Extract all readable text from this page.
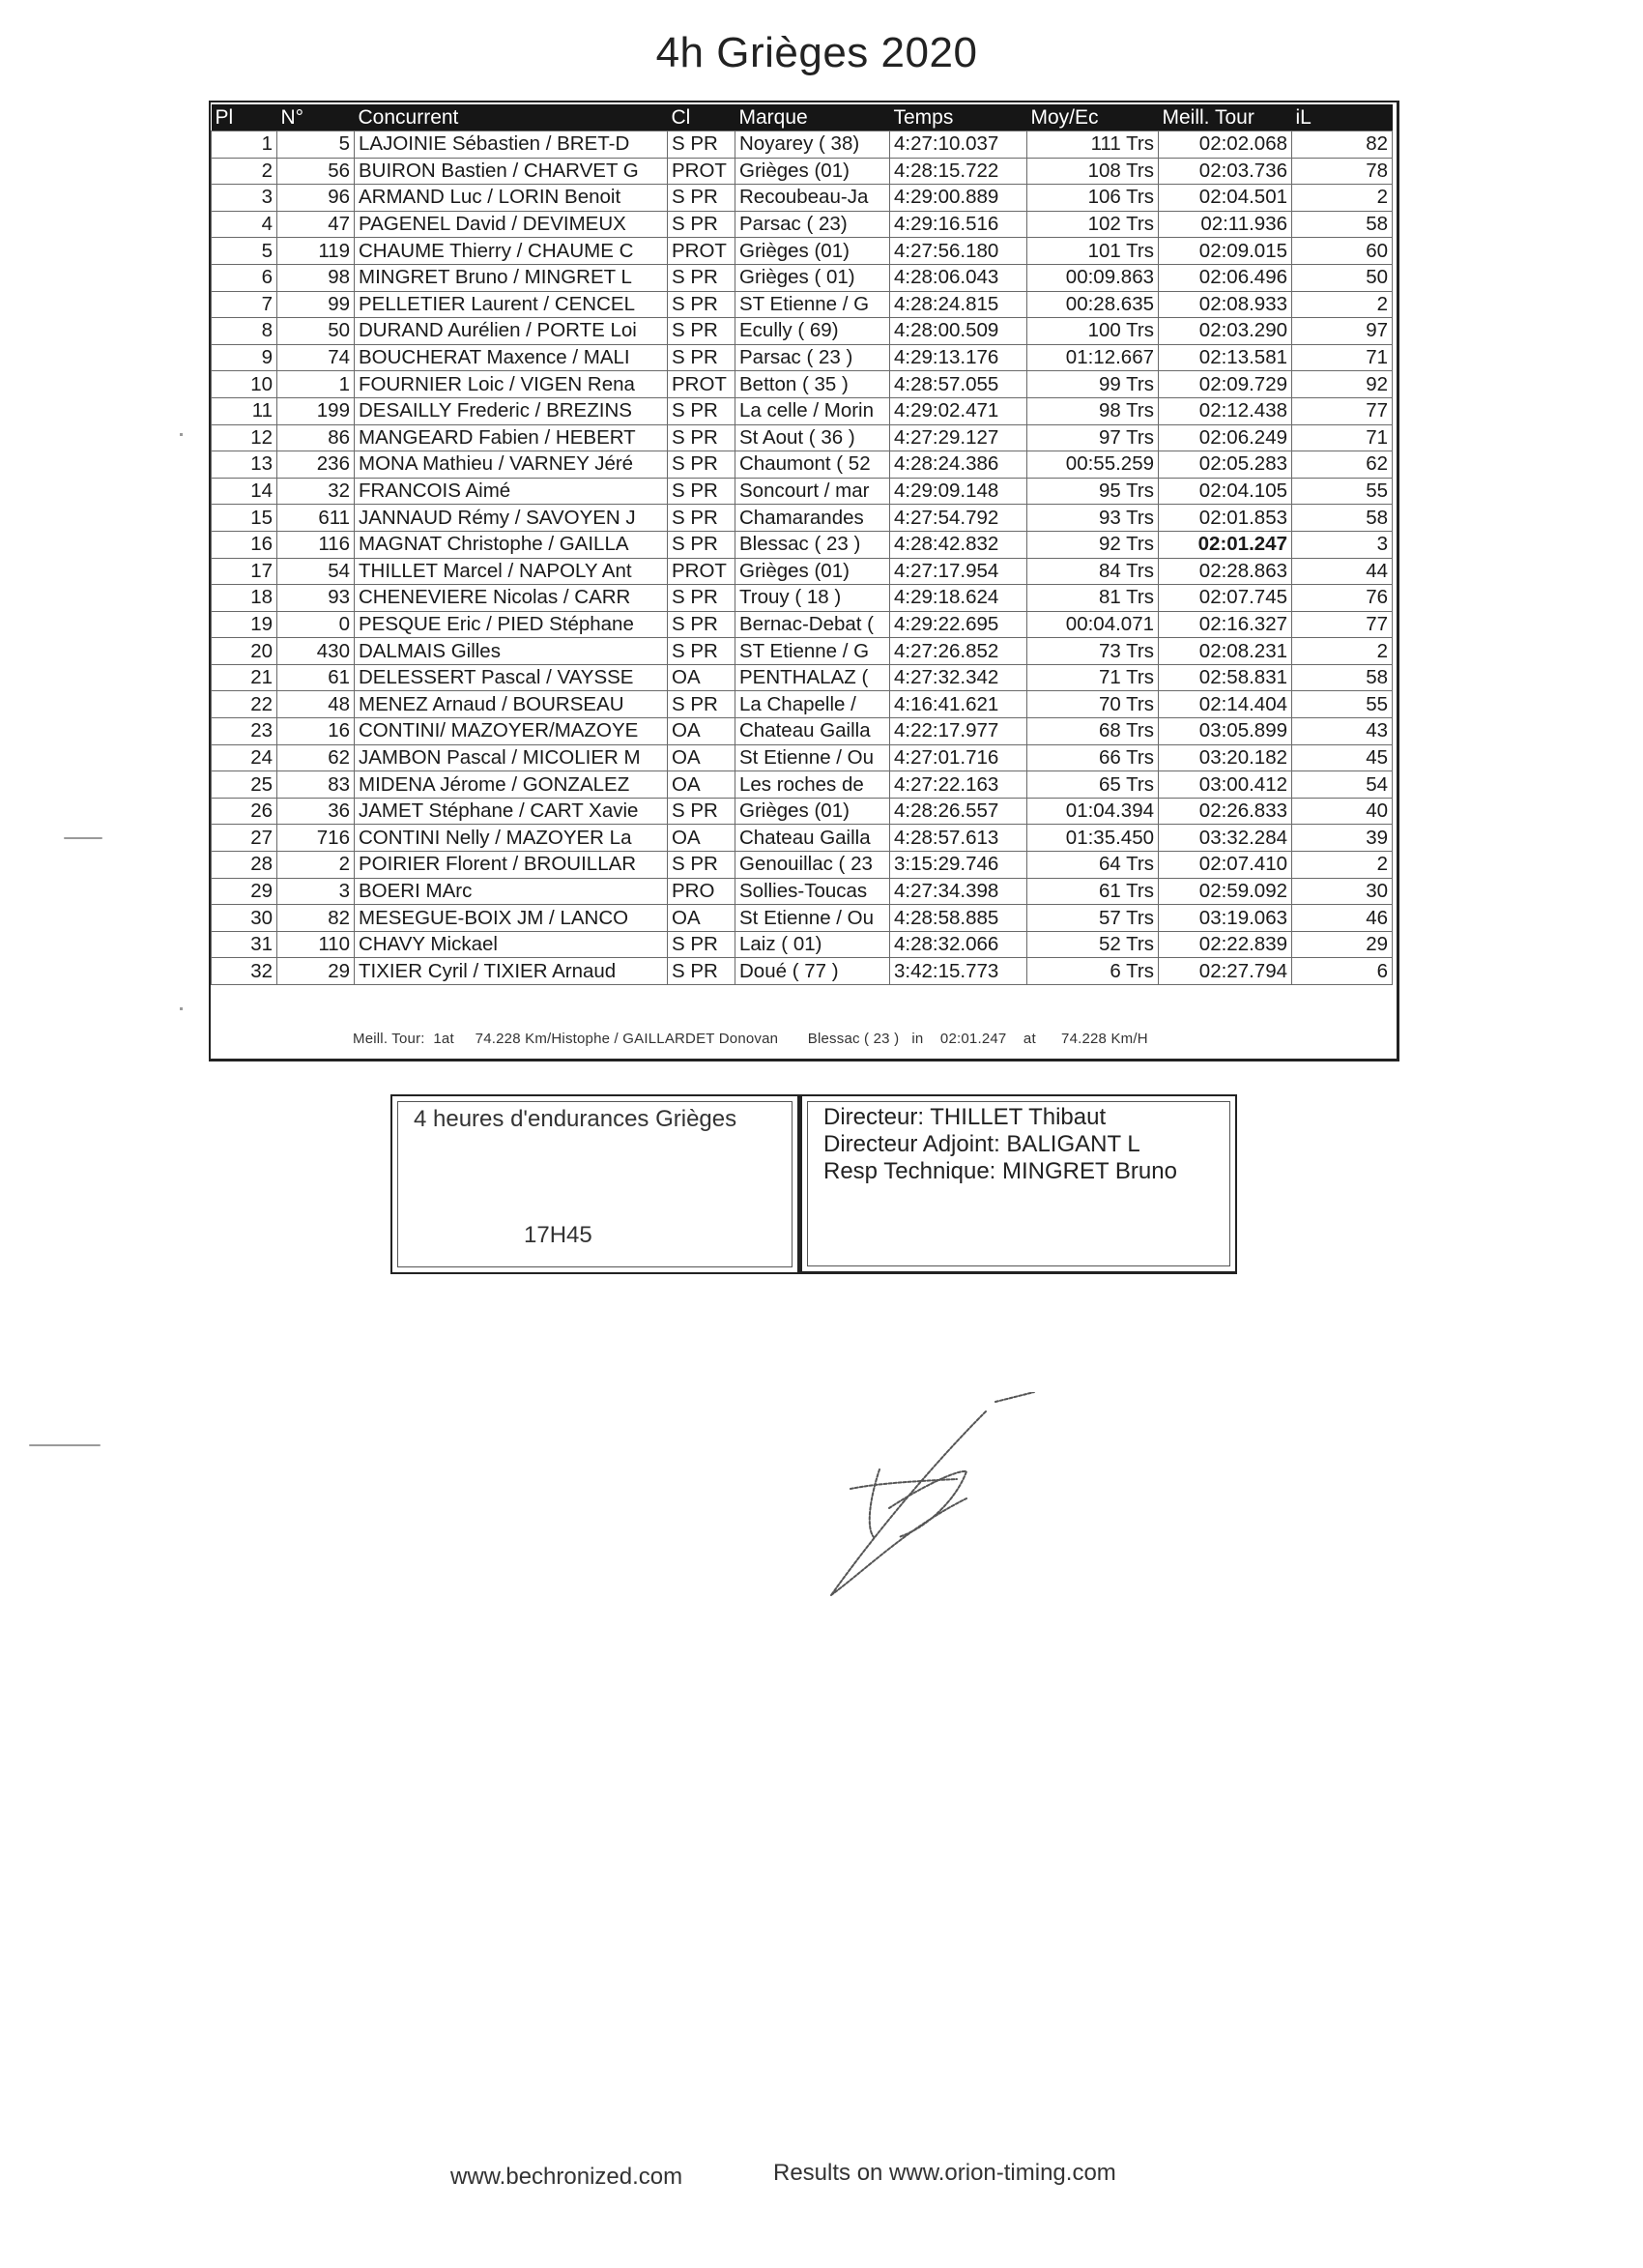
4h Grièges 2020
Pl	N°	Concurrent	Cl	Marque	Temps	Moy/Ec	Meill. Tour	iL
1	5	LAJOINIE Sébastien / BRET-D	S PR	Noyarey ( 38)	4:27:10.037	111 Trs	02:02.068	82
2	56	BUIRON Bastien / CHARVET G	PROT	Grièges (01)	4:28:15.722	108 Trs	02:03.736	78
3	96	ARMAND Luc / LORIN Benoit	S PR	Recoubeau-Ja	4:29:00.889	106 Trs	02:04.501	2
4	47	PAGENEL David / DEVIMEUX	S PR	Parsac ( 23)	4:29:16.516	102 Trs	02:11.936	58
5	119	CHAUME Thierry / CHAUME C	PROT	Grièges (01)	4:27:56.180	101 Trs	02:09.015	60
6	98	MINGRET Bruno / MINGRET L	S PR	Grièges ( 01)	4:28:06.043	00:09.863	02:06.496	50
7	99	PELLETIER Laurent / CENCEL	S PR	ST Etienne / G	4:28:24.815	00:28.635	02:08.933	2
8	50	DURAND Aurélien / PORTE Loi	S PR	Ecully ( 69)	4:28:00.509	100 Trs	02:03.290	97
9	74	BOUCHERAT Maxence / MALI	S PR	Parsac ( 23 )	4:29:13.176	01:12.667	02:13.581	71
10	1	FOURNIER Loic / VIGEN Rena	PROT	Betton ( 35 )	4:28:57.055	99 Trs	02:09.729	92
11	199	DESAILLY Frederic / BREZINS	S PR	La celle / Morin	4:29:02.471	98 Trs	02:12.438	77
12	86	MANGEARD Fabien / HEBERT	S PR	St Aout ( 36 )	4:27:29.127	97 Trs	02:06.249	71
13	236	MONA Mathieu / VARNEY Jéré	S PR	Chaumont ( 52	4:28:24.386	00:55.259	02:05.283	62
14	32	FRANCOIS Aimé	S PR	Soncourt / mar	4:29:09.148	95 Trs	02:04.105	55
15	611	JANNAUD Rémy / SAVOYEN J	S PR	Chamarandes	4:27:54.792	93 Trs	02:01.853	58
16	116	MAGNAT Christophe / GAILLA	S PR	Blessac ( 23 )	4:28:42.832	92 Trs	02:01.247	3
17	54	THILLET Marcel / NAPOLY Ant	PROT	Grièges (01)	4:27:17.954	84 Trs	02:28.863	44
18	93	CHENEVIERE Nicolas / CARR	S PR	Trouy ( 18 )	4:29:18.624	81 Trs	02:07.745	76
19	0	PESQUE Eric / PIED Stéphane	S PR	Bernac-Debat (	4:29:22.695	00:04.071	02:16.327	77
20	430	DALMAIS Gilles	S PR	ST Etienne / G	4:27:26.852	73 Trs	02:08.231	2
21	61	DELESSERT Pascal / VAYSSE	OA	PENTHALAZ (	4:27:32.342	71 Trs	02:58.831	58
22	48	MENEZ Arnaud / BOURSEAU	S PR	La Chapelle /	4:16:41.621	70 Trs	02:14.404	55
23	16	CONTINI/ MAZOYER/MAZOYE	OA	Chateau Gailla	4:22:17.977	68 Trs	03:05.899	43
24	62	JAMBON Pascal / MICOLIER M	OA	St Etienne / Ou	4:27:01.716	66 Trs	03:20.182	45
25	83	MIDENA Jérome / GONZALEZ	OA	Les roches de	4:27:22.163	65 Trs	03:00.412	54
26	36	JAMET Stéphane / CART Xavie	S PR	Grièges (01)	4:28:26.557	01:04.394	02:26.833	40
27	716	CONTINI Nelly / MAZOYER La	OA	Chateau Gailla	4:28:57.613	01:35.450	03:32.284	39
28	2	POIRIER Florent / BROUILLAR	S PR	Genouillac ( 23	3:15:29.746	64 Trs	02:07.410	2
29	3	BOERI MArc	PRO	Sollies-Toucas	4:27:34.398	61 Trs	02:59.092	30
30	82	MESEGUE-BOIX JM / LANCO	OA	St Etienne / Ou	4:28:58.885	57 Trs	03:19.063	46
31	110	CHAVY Mickael	S PR	Laiz ( 01)	4:28:32.066	52 Trs	02:22.839	29
32	29	TIXIER Cyril / TIXIER Arnaud	S PR	Doué ( 77 )	3:42:15.773	6 Trs	02:27.794	6
Meill. Tour:  1at     74.228 Km/Histophe / GAILLARDET Donovan       Blessac ( 23 )   in    02:01.247    at      74.228 Km/H
4 heures d'endurances Grièges
17H45
Directeur: THILLET Thibaut
Directeur Adjoint: BALIGANT L
Resp Technique: MINGRET Bruno
www.bechronized.com	Results on www.orion-timing.com
